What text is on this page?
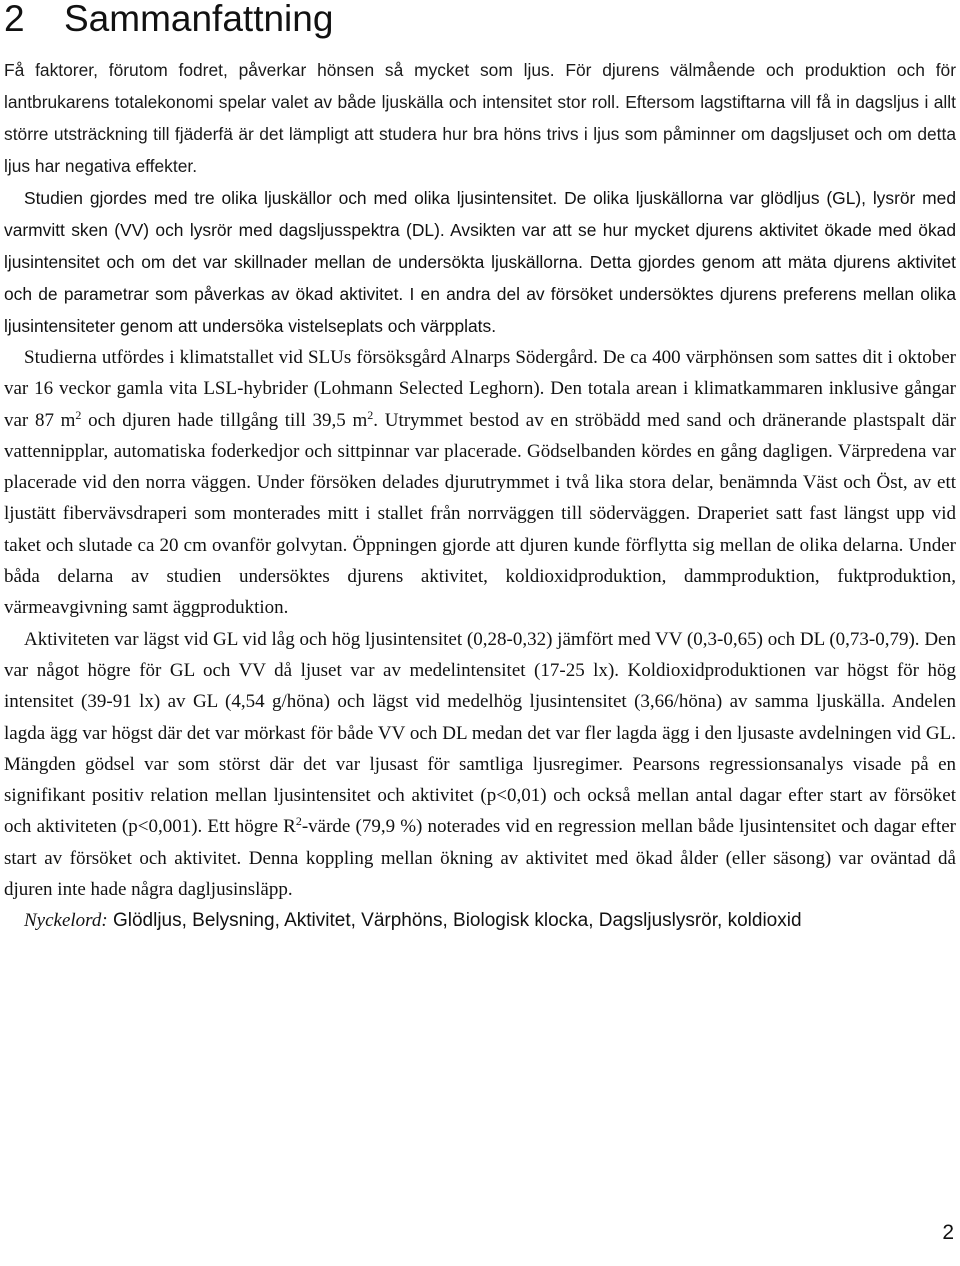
2 Sammanfattning

Få faktorer, förutom fodret, påverkar hönsen så mycket som ljus. För djurens välmående och produktion och för lantbrukarens totalekonomi spelar valet av både ljuskälla och intensitet stor roll. Eftersom lagstiftarna vill få in dagsljus i allt större utsträckning till fjäderfä är det lämpligt att studera hur bra höns trivs i ljus som påminner om dagsljuset och om detta ljus har negativa effekter.

Studien gjordes med tre olika ljuskällor och med olika ljusintensitet. De olika ljuskällorna var glödljus (GL), lysrör med varmvitt sken (VV) och lysrör med dagsljusspektra (DL). Avsikten var att se hur mycket djurens aktivitet ökade med ökad ljusintensitet och om det var skillnader mellan de undersökta ljuskällorna. Detta gjordes genom att mäta djurens aktivitet och de parametrar som påverkas av ökad aktivitet. I en andra del av försöket undersöktes djurens preferens mellan olika ljusintensiteter genom att undersöka vistelseplats och värpplats.

Studierna utfördes i klimatstallet vid SLUs försöksgård Alnarps Södergård. De ca 400 värphönsen som sattes dit i oktober var 16 veckor gamla vita LSL-hybrider (Lohmann Selected Leghorn). Den totala arean i klimatkammaren inklusive gångar var 87 $m^2$ och djuren hade tillgång till 39,5 $m^2$. Utrymmet bestod av en ströbädd med sand och dränerande plastspalt där vattennipplar, automatiska foderkedjor och sittpinnar var placerade. Gödselbanden kördes en gång dagligen. Värpredena var placerade vid den norra väggen. Under försöken delades djurutrymmet i två lika stora delar, benämnda Väst och Öst, av ett ljustätt fibervävsdraperi som monterades mitt i stallet från norrväggen till söderväggen. Draperiet satt fast längst upp vid taket och slutade ca 20 cm ovanför golvytan. Öppningen gjorde att djuren kunde förflytta sig mellan de olika delarna. Under båda delarna av studien undersöktes djurens aktivitet, koldioxidproduktion, dammproduktion, fuktproduktion, värmeavgivning samt äggproduktion.

Aktiviteten var lägst vid GL vid låg och hög ljusintensitet (0,28-0,32) jämfört med VV (0,3-0,65) och DL (0,73-0,79). Den var något högre för GL och VV då ljuset var av medelintensitet (17-25 lx). Koldioxidproduktionen var högst för hög intensitet (39-91 lx) av GL (4,54 g/höna) och lägst vid medelhög ljusintensitet (3,66/höna) av samma ljuskälla. Andelen lagda ägg var högst där det var mörkast för både VV och DL medan det var fler lagda ägg i den ljusaste avdelningen vid GL. Mängden gödsel var som störst där det var ljusast för samtliga ljusregimer. Pearsons regressionsanalys visade på en signifikant positiv relation mellan ljusintensitet och aktivitet (p<0,01) och också mellan antal dagar efter start av försöket och aktiviteten (p<0,001). Ett högre $R^2$-värde (79,9 %) noterades vid en regression mellan både ljusintensitet och dagar efter start av försöket och aktivitet. Denna koppling mellan ökning av aktivitet med ökad ålder (eller säsong) var oväntad då djuren inte hade några dagljusinsläpp.

Nyckelord: Glödljus, Belysning, Aktivitet, Värphöns, Biologisk klocka, Dagsljuslysrör, koldioxid

2
